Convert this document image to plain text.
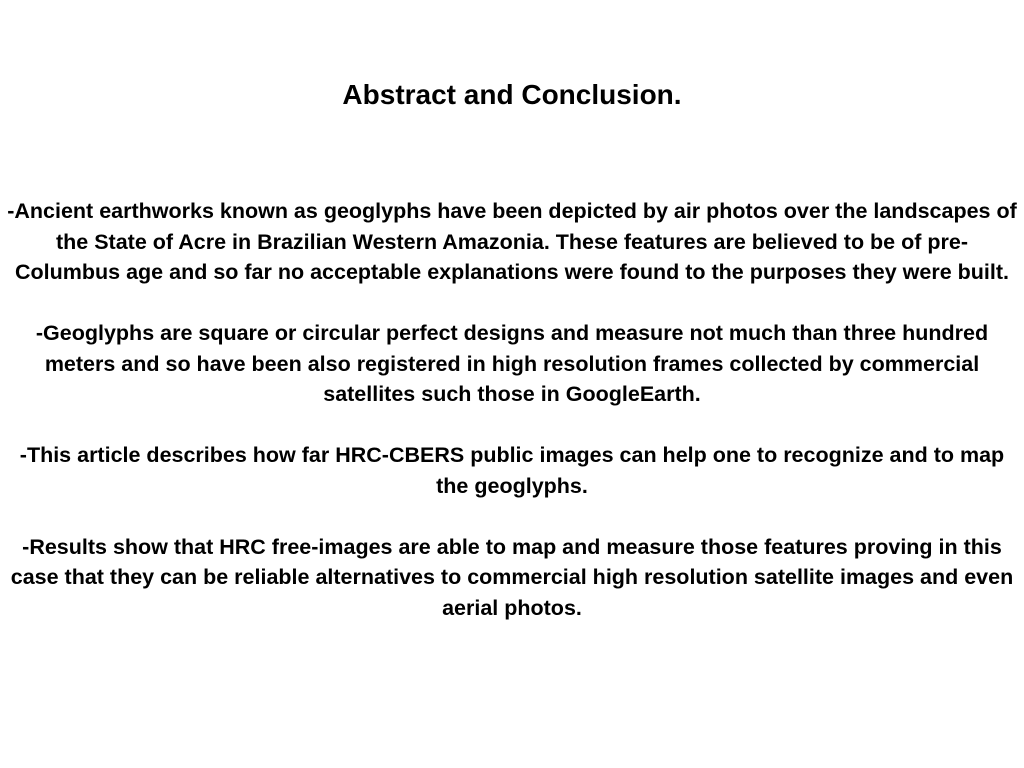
Abstract and Conclusion.

-Ancient earthworks known as geoglyphs have been depicted by air photos over the landscapes of the State of Acre in Brazilian Western Amazonia. These features are believed to be of pre-Columbus age and so far no acceptable explanations were found to the purposes they were built.

-Geoglyphs are square or circular perfect designs and measure not much than three hundred meters and so have been also registered in high resolution frames collected by commercial satellites such those in GoogleEarth.

-This article describes how far HRC-CBERS public images can help one to recognize and to map the geoglyphs.

-Results show that HRC free-images are able to map and measure those features proving in this case that they can be reliable alternatives to commercial high resolution satellite images and even aerial photos.
